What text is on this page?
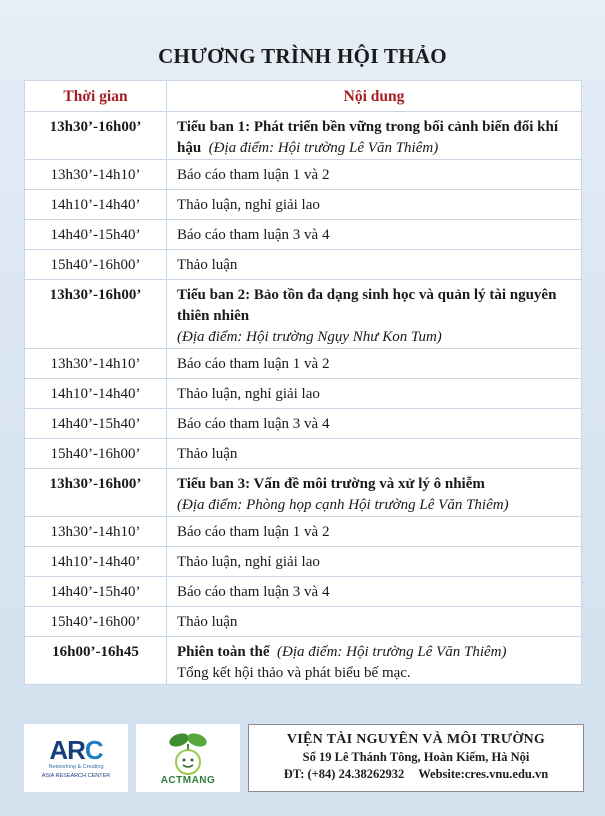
CHƯƠNG TRÌNH HỘI THẢO
Thời gian	Nội dung
13h30’-16h00’	Tiểu ban 1: Phát triển bền vững trong bối cảnh biến đổi khí hậu (Địa điểm: Hội trường Lê Văn Thiêm)
13h30’-14h10’	Báo cáo tham luận 1 và 2
14h10’-14h40’	Thảo luận, nghỉ giải lao
14h40’-15h40’	Báo cáo tham luận 3 và 4
15h40’-16h00’	Thảo luận
13h30’-16h00’	Tiểu ban 2: Bảo tồn đa dạng sinh học và quản lý tài nguyên thiên nhiên
(Địa điểm: Hội trường Ngụy Như Kon Tum)
13h30’-14h10’	Báo cáo tham luận 1 và 2
14h10’-14h40’	Thảo luận, nghỉ giải lao
14h40’-15h40’	Báo cáo tham luận 3 và 4
15h40’-16h00’	Thảo luận
13h30’-16h00’	Tiểu ban 3: Vấn đề môi trường và xử lý ô nhiễm
(Địa điểm: Phòng họp cạnh Hội trường Lê Văn Thiêm)
13h30’-14h10’	Báo cáo tham luận 1 và 2
14h10’-14h40’	Thảo luận, nghỉ giải lao
14h40’-15h40’	Báo cáo tham luận 3 và 4
15h40’-16h00’	Thảo luận
16h00’-16h45	Phiên toàn thể (Địa điểm: Hội trường Lê Văn Thiêm)
Tổng kết hội thảo và phát biểu bế mạc.
ARC
Networking & Creating
ASIA RESEARCH CENTER	ACTMANG
VIỆN TÀI NGUYÊN VÀ MÔI TRƯỜNG
Số 19 Lê Thánh Tông, Hoàn Kiếm, Hà Nội
ĐT: (+84) 24.38262932 Website:cres.vnu.edu.vn
